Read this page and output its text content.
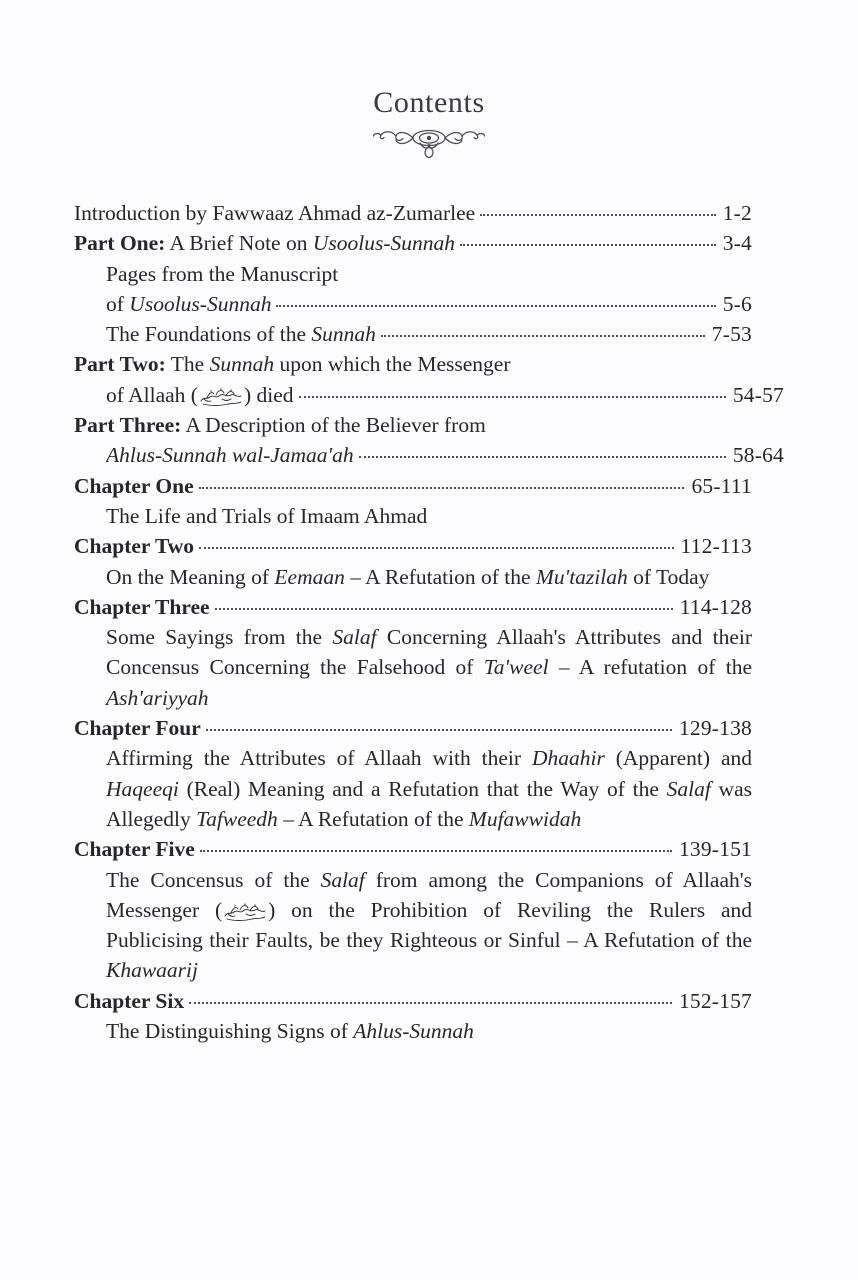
Contents
Introduction by Fawwaaz Ahmad az-Zumarlee	1-2
Part One: A Brief Note on Usoolus-Sunnah	3-4
Pages from the Manuscript
of Usoolus-Sunnah	5-6
The Foundations of the Sunnah	7-53
Part Two: The Sunnah upon which the Messenger
of Allaah ( ) died	54-57
Part Three: A Description of the Believer from
Ahlus-Sunnah wal-Jamaa'ah	58-64
Chapter One	65-111
The Life and Trials of Imaam Ahmad
Chapter Two	112-113
On the Meaning of Eemaan – A Refutation of the Mu'tazilah of Today
Chapter Three	114-128
Some Sayings from the Salaf Concerning Allaah's Attributes and their Concensus Concerning the Falsehood of Ta'weel – A refutation of the Ash'ariyyah
Chapter Four	129-138
Affirming the Attributes of Allaah with their Dhaahir (Apparent) and Haqeeqi (Real) Meaning and a Refutation that the Way of the Salaf was Allegedly Tafweedh – A Refutation of the Mufawwidah
Chapter Five	139-151
The Concensus of the Salaf from among the Companions of Allaah's Messenger ( ) on the Prohibition of Reviling the Rulers and Publicising their Faults, be they Righteous or Sinful – A Refutation of the Khawaarij
Chapter Six	152-157
The Distinguishing Signs of Ahlus-Sunnah
